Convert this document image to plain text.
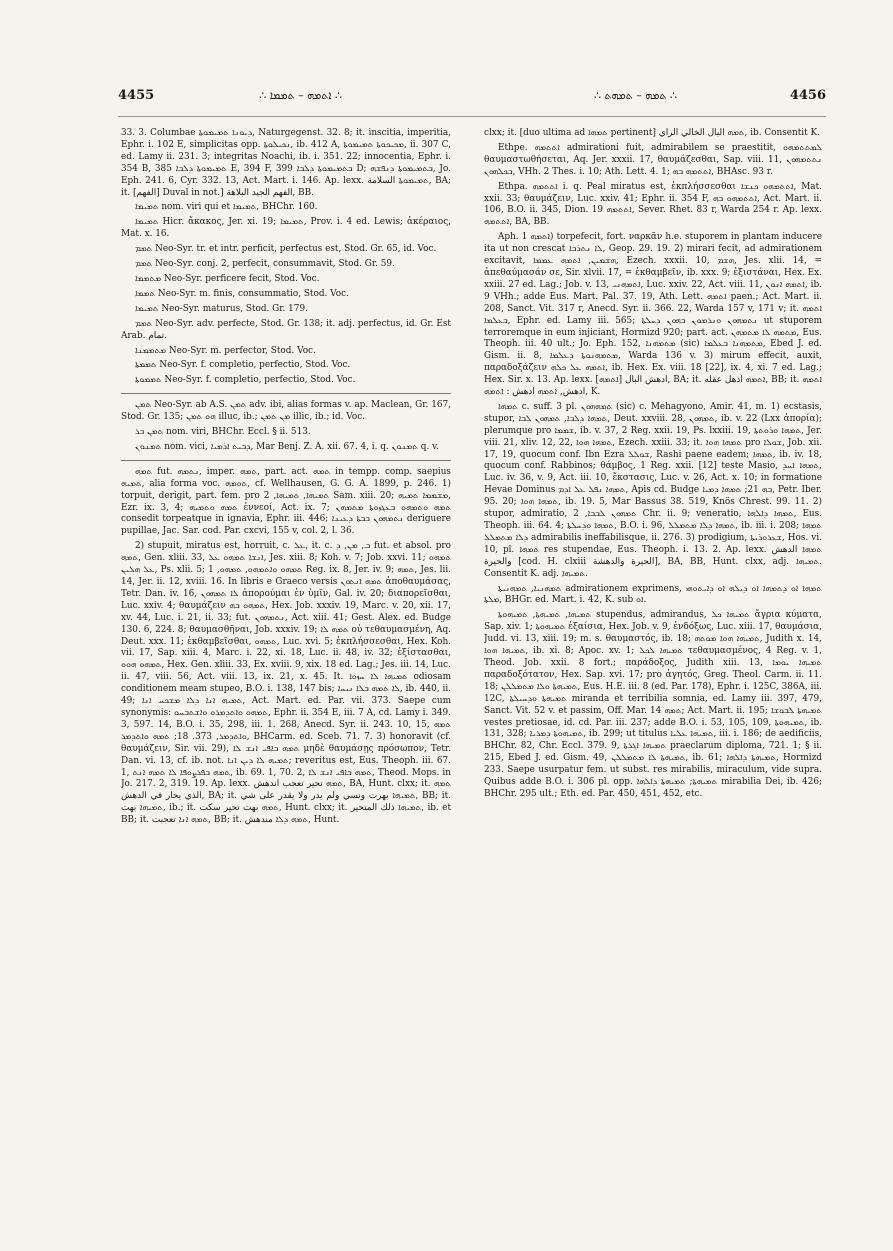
4455	∴ ܐܬܡܗ – ܬܡܡܐ ∴	∴ ܬܡܗ – ܬܡܗܬ ∴	4456

33. 3. Columbae ܕܝܘܢܐ ܬܡܝܡܘܬܐ, Naturgegenst. 32. 8; it. inscitia, imperitia, Ephr. i. 102 E, simplicitas opp. ܢܟܝܠܘܬܐ, ib. 412 A, ܡܟܝܟܘܬܐ ܬܡܝܡܘܬܐ, ii. 307 C, ed. Lamy ii. 231. 3; integritas Noachi, ib. i. 351. 22; innocentia, Ephr. i. 354 B, ܬܡܝܡܘܬܐ ܕܠܒܐ 385 E, 394 F, ܒܬܡܝܡܘܬܐ ܕܠܒܐ 399 D; ܒܬܡܝܡܘܬܐ ܕܢܦܫܗ, Jo. Eph. 241. 6, Cyr. 332. 13, Act. Mart. i. 146. Ap. lexx. ܬܡܝܡܘܬܐ السلامة, BA; it. [الفهم] Duval in not.] الفهم الجيد البلاهة, BB.

ܬܡܝܡܐ nom. viri qui et ܬܡܝܡܐ, BHChr. 160.

ܬܡܝܡܐ Hicr. ἄκακος, Jer. xi. 19; ܬܡܝܡܐ, Prov. i. 4 ed. Lewis; ἀκέραιος, Mat. x. 16.

ܬܡܡ Neo-Syr. tr. et intr. perficit, perfectus est, Stod. Gr. 65, id. Voc.

ܬܡܡ Neo-Syr. conj. 2, perfecit, consummavit, Stod. Gr. 59.

ܡܬܡܡܐ Neo-Syr. perficere fecit, Stod. Voc.

ܬܡܡܐ Neo-Syr. m. finis, consummatio, Stod. Voc.

ܬܡܝܡܐ Neo-Syr. maturus, Stod. Gr. 179.

ܬܡܡ Neo-Syr. adv. perfecte, Stod. Gr. 138; it. adj. perfectus, id. Gr. Est Arab. تمام.

ܡܬܡܡܢܐ Neo-Syr. m. perfector, Stod. Voc.

ܬܡܡܬܐ Neo-Syr. f. completio, perfectio, Stod. Voc.

ܬܡܡܘܬܐ Neo-Syr. f. completio, perfectio, Stod. Voc.

ܬܡܢ Neo-Syr. ab A.S. ܬܡܢ adv. ibi, alias formas v. ap. Maclean, Gr. 167, Stod. Gr. 135; ܗܘ ܬܡܢ illuc, ib.; ܡܢ ܬܡܢ illic, ib.; id. Voc.

ܬܡܢ ܒܪ nom. viri, BHChr. Eccl. § ii. 513.

ܬܡܢܘܢ nom. vici, ܕܒܝܬ ܐܪܡܝܐ, Mar Benj. Z. A. xii. 67. 4, i. q. ܬܡܢܘܢ q. v.

ܬܡܗ fut. ܢܬܡܗ, imper. ܬܡܗ, part. act. ܬܡܗ in tempp. comp. saepius ܬܡܝܗ, alia forma voc. ܬܘܡܗ, cf. Wellhausen, G. G. A. 1899, p. 246. 1) torpuit, derigit, part. fem. pro ܬܡܝܗܐ, ܬܡܝܗܐ, 2 Sam. xiii. 20; ܡܫܡܡܐ ܬܡܝܗ, Ezr. ix. 3, 4; ܬܡܗ ܘܬܡܝܗ ἐννεοί, Act. ix. 7; ܬܡܗ ܘܬܡܗܘ ܒܥܓܙܘܬܐ ܡܬܡܗܢ consedit torpeatque in ignavia, Ephr. iii. 446; ܢܬܡܗܘܢ ܒܒܬܐ ܕܥܝܢܐ deriguere pupillae, Jac. Sar. cod. Par. cxcvi, 155 v, col. 2, l. 36.

2) stupuit, miratus est, horruit, c. ܥܠ, it. c. ܒ, ܡܢ, ܕ fut. et absol. pro ܬܡܗ, Gen. xliii. 33, ܐܢܫܐ ܬܡܗܘ ܥܠ, Jes. xiii. 8; Koh. v. 7; Job. xxvi. 11; ܬܡܗܘ ܥܠ ܗܠܝܢ, Ps. xlii. 5; ܬܡܗܘ ܘܐܬܡܗܘ, ܬܡܗܘ, 1 Reg. ix. 8, Jer. iv. 9; ܬܡܗ, Jes. lii. 14, Jer. ii. 12, xviii. 16. In libris e Graeco versis ܬܡܗ ܐܢܬܘܢ ἀποθαυμάσας, Tetr. Dan. iv. 16, ܠܐ ܬܡܗܘܢ ἀπορούμαι ἐν ὑμῖν, Gal. iv. 20; διαπορεῖσθαι, Luc. xxiv. 4; θαυμάζειν ܬܡܗܘ ܒܗ, Hex. Job. xxxiv. 19, Marc. v. 20, xii. 17, xv. 44, Luc. i. 21, ii. 33; fut. ܢܬܡܗܘܢ, Act. xiii. 41; Gest. Alex. ed. Budge 130. 6, 224. 8; θαυμασθῆναι, Job. xxxiv. 19; ܬܡܗ ܠܐ οὐ τεθαυμασμένη, Aq. Deut. xxx. 11; ἐκθαμβεῖσθαι, ܬܡܗܘ, Luc. xvi. 5; ἐκπλήσσεσθαι, Hex. Koh. vii. 17, Sap. xiii. 4, Marc. i. 22, xi. 18, Luc. ii. 48, iv. 32; ἐξίστασθαι, ܬܡܗܘ ܗܘܘ, Hex. Gen. xliii. 33, Ex. xviii. 9, xix. 18 ed. Lag.; Jes. iii. 14, Luc. ii. 47, viii. 56, Act. viii. 13, ix. 21, x. 45. It. ܬܡܝܗܐ ܠܐ ܚܙܘܐ odiosam conditionem meam stupeo, B.O. i. 138, 147 bis; ܠܐ ܬܡܗ ܒܠܐ ܢܝܚܐ, ib. 440, ii. 49; ܬܡܝܗ ܐܢܐ ܕܠܐ ܡܫܟܚ ܐܢܐ, Act. Mart. ed. Par. vii. 373. Saepe cum synonymis: ܬܡܗܘ ܘܐܬܕܡܪܘ ܘܐܫܬܒܚܘ, Ephr. ii. 354 E, iii. 7 A, cd. Lamy i. 349. 3, 597. 14, B.O. i. 35, 298, iii. 1. 268, Anecd. Syr. ii. 243. 10, 15, ܬܡܗ ܘܐܬܕܡܪ, 373. 18; ܬܡܗ ܘܐܬܕܡܪ, BHCarm. ed. Sceb. 71. 7. 3) honoravit (cf. θαυμάζειν, Sir. vii. 29), ܬܡܗ ܒܐܦܝ ܐܢܫ ܠܐ μηδὲ θαυμάσῃς πρόσωπον, Tetr. Dan. vi. 13, cf. ib. not. ܬܡܝܗ ܠܐ ܕܝܢ ܐܢܐ; reveritus est, Eus. Theoph. iii. 67. 1, ܬܡܗ ܒܦܪܨܘܦܐ ܠܐ ܬܡܗ ܐܢܬ, ib. 69. 1, 70. 2, ܬܡܗ ܒܐܦܝ ܐܢܫ ܠܐ, Theod. Mops. in Jo. 217. 2, 319. 19. Ap. lexx. ܬܡܗ تحير تعجب اندهش, BA, Hunt. clxx; it. ܬܡܗ الذي يحار في الدهش, BA; it. ܬܡܝܗܐ بهرت ونسي ولم يدر ولا يقدر على شي, BB; it. ܬܡܝܗܐ بهت, ib.; it. ܬܡܗ بهت تحير سكت, Hunt. clxx; it. ܬܡܝܗܐ ذلك المتحير, ib. et BB; it. ܬܡܗ ܐܢܐ تعجبت, BB; it. ܬܡܗ ܕܠܐ مندهش, Hunt.

clxx; it. [duo ultima ad ܬܡܗܐ pertinent] ܬܡܗ البال الخالي الرأي, ib. Consentit K.

Ethpe. ܐܬܬܡܗ admirationi fuit, admirabilem se praestitit, ܠܡܬܬܡܗܘ θαυμαστωθήσεται, Aq. Jer. xxxii. 17, θαυμάζεσθαι, Sap. viii. 11, ܢܬܬܡܗܘܢ ܒܟܠܗܘܢ, VHh. 2 Thes. i. 10; Ath. Lett. 4. 1; ܐܬܬܡܗ ܒܗ, BHAsc. 93 r.

Ethpa. ܐܬܬܡܗ i. q. Peal miratus est, ἐκπλήσσεσθαι ܐܬܬܡܗܘ ܟܢܫܐ, Mat. xxii. 33; θαυμάζειν, Luc. xxiv. 41; Ephr. ii. 354 F, ܐܬܬܡܗܘ ܒܗ, Act. Mart. ii. 106, B.O. ii. 345, Dion. ܐܬܬܡܗ 19, Sever. Rhet. 83 r, Warda 254 r. Ap. lexx. ܐܬܬܡܗ, BA, BB.

Aph. ܐܬܡܗ 1) torpefecit, fort. ναρκᾶν h.e. stuporem in plantam inducere ita ut non crescat ܠܐ ܢܬܪܒܐ, Geop. 29. 19. 2) mirari fecit, ad admirationem excitavit, ܗܫܡܝܢ, ܐܬܡܗ ܥܡܡܐ, Ezech. xxxii. 10, ܗܫܡ, Jes. xlii. 14, = ἀπεθαύμασάν σε, Sir. xlvii. 17, = ἐκθαμβεῖν, ib. xxx. 9; ἐξιστάναι, Hex. Ex. xxiii. 27 ed. Lag.; Job. v. 13, ܐܬܡܗܢܝ, Luc. xxiv. 22, Act. viii. 11, ܐܬܡܗ ܐܢܘܢ, ib. 9 VHh.; adde Eus. Mart. Pal. 37. 19, Ath. Lett. ܐܬܡܗ paen.; Act. Mart. ii. 208, Sanct. Vit. 317 r, Anecd. Syr. ii. 366. 22, Warda 157 v, 171 v; it. ܐܬܡܗ ܒܥܠܡܐ, Ephr. ed. Lamy iii. 565; ܢܬܡܗܘܢ ܘܢܪܡܘܢ ܒܗܘܢ ܕܚܠܬܐ ut stuporem terroremque in eum injiciant, Hormizd 920; part. act. ܡܬܡܗ ܠܐ ܡܬܡܗܢ, Eus. Theoph. iii. 40 ult.; Jo. Eph. 152, ܡܬܡܗܢܐ (sic) ܡܬܡܗܢܐ ܒܥܠܡܐ, Ebed J. ed. Gism. ii. 8, ܡܬܡܗܢܘܬܐ ܕܥܠܡܐ, Warda 136 v. 3) mirum effecit, auxit, παραδοξάζειν ܐܬܡܗ ܥܠ ܟܠܗ, ib. Hex. Ex. viii. 18 [22], ix. 4, xi. 7 ed. Lag.; Hex. Sir. x. 13. Ap. lexx. [ܐܬܡܗ] ادهش البال, BA; it. ܐܬܡܗ اذهل عقله, BB; it. ܐܬܡܗ ادهش, ܐܬܡܗ ادهش : ܐܬܡܗ, K.

ܬܡܗܐ c. suff. 3 pl. ܬܡܗܗܘܢ (sic) c. Mehagyono, Amir. 41, m. 1) ecstasis, stupor, ܬܡܗܐ ܕܠܒܐ, ܬܡܗܘܢ ܠܒܐ, Deut. xxviii. 28, ܬܡܗܘܢ, ib. v. 22 (Lxx ἀπορία); plerumque pro ܫܡܡܐ, ib. v. 37, 2 Reg. xxii. 19, Ps. lxxiii. 19, ܬܡܗܐ ܘܪܘܬܬܐ, Jer. viii. 21, xliv. 12, 22, ܬܡܗܐ ܗܘܐ, Ezech. xxiii. 33; it. ܬܡܗܐ ܗܘܐ pro ܫܘܠܐ, Job. xii. 17, 19, quocum conf. Ibn Ezra ܫܘܠܠ, Rashi paene eadem; ܬܡܗܐ, ib. iv. 18, quocum conf. Rabbinos; θάμβος, 1 Reg. xxii. [12] teste Masio, ܬܡܗܐ ܐܚܕ, Luc. iv. 36, v. 9, Act. iii. 10, ἔκστασις, Luc. v. 26, Act. x. 10; in formatione Hevae Dominus ܬܡܗܐ ܢܦܠ ܥܠ ܐܕܡ, Apis cd. Budge ܒܗ 21; ܬܡܗܐ ܕܡܝܐ, Petr. Iber. 95. 20; ܬܡܗܐ ܗܘܐ, ib. 19. 5, Mar Bassus 38. 519, Knös Chrest. 99. 11. 2) stupor, admiratio, ܬܡܗܘܢ ܠܒܒܐ, 2 Chr. ii. 9; veneratio, ܬܡܗܐ ܕܐܠܗܐ, Eus. Theoph. iii. 64. 4; ܬܡܗܐ ܘܕܚܠܬܐ, B.O. i. 96, ܬܡܗܐ ܕܠܐ ܡܬܡܠܠ, ib. iii. i. 208; ܬܡܗܐ ܕܠܐ ܡܬܡܠܠ admirabilis ineffabilisque, ii. 276. 3) prodigium, ܫܥܪܘܪܝܬܐ, Hos. vi. 10, pl. ܬܡܗܐ res stupendae, Eus. Theoph. i. 13. 2. Ap. lexx. ܬܡܗܐ الدهش والحيرة [cod. H. clxiii الحيرة والدهشة], BA, BB, Hunt. clxx, adj. ܬܡܝܗܐ. Consentit K. adj. ܬܡܝܗܐ.

ܬܡܗܢܝܐ, ܬܡܗܢܝܬܐ admirationem exprimens, ܬܡܗܐ ܐܘ ܕܬܡܗܐ ܐܘ ܕܝܠܗ ܐܘ ܕܐܝܬܘܗܝ ܡܠܬܐ, BHGr. ed. Mart. i. 42, K. sub ܐܘ.

ܬܡܝܗܐ, ܬܡܝܗܬܐ, ܬܡܝܗܘܬܐ stupendus, admirandus, ܬܡܝܗܐ ܟܠ ἄγρια κύματα, Sap. xiv. 1; ܬܡܝܗܘܬܐ ἐξαίσια, Hex. Job. v. 9, ἐνδόξως, Luc. xiii. 17, θαυμάσια, Judd. vi. 13, xiii. 19; m. s. θαυμαστός, ib. 18; ܬܡܝܗܐ ܗܘܐ ܡܘܬܗ, Judith x. 14, ܬܡܝܗܐ ܗܘܐ, ib. xi. 8; Apoc. xv. 1; ܬܡܝܗܐ ܠܟܠ τεθαυμασμένος, 4 Reg. v. 1, Theod. Job. xxii. 8 fort.; παράδοξος, Judith xiii. 13, ܬܡܝܗܐ ܝܘܡܐ παραδοξότατον, Hex. Sap. xvi. 17; pro ἀγητός, Greg. Theol. Carm. ii. 11. 18; ܬܡܝܗܬܐ ܘܠܐ ܡܬܡܠܠܢ, Eus. H.E. iii. 8 (ed. Par. 178), Ephr. i. 125C, 386A, iii. 12C, ܬܡܝܗܬܐ ܘܕܚܝܠܬܐ miranda et terribilia somnia, ed. Lamy iii. 397, 479, Sanct. Vit. 52 v. et passim, Off. Mar. ܬܡܗ 14; Act. Mart. ii. 195; ܬܡܝܗܬܐ ܠܒܘܫܐ vestes pretiosae, id. cd. Par. iii. 237; adde B.O. i. 53, 105, 109, ܬܡܝܗܘܬܐ, ib. 131, 328; ܬܡܝܗܘܬܐ ܕܡܪܝܐ, ib. 299; ut titulus ܬܡܝܗܐ ܥܠܝܐ, iii. i. 186; de aedificiis, BHChr. 82, Chr. Eccl. 379. 9, ܬܡܝܗܐ ܐܓܪܬܐ praeclarum diploma, 721. 1; § ii. 215, Ebed J. ed. Gism. 49, ܬܡܝܗܬܐ ܠܐ ܡܬܡܠܠܢ, ib. 61; ܬܡܝܗܬܐ ܕܐܠܗܐ, Hormizd 233. Saepe usurpatur fem. ut subst. res mirabilis, miraculum, vide supra. Quibus adde B.O. i. 306 pl. opp. ܬܡܝܗܬܐ; ܬܡܝܗܬܐ ܕܐܠܗܐ mirabilia Dei, ib. 426; BHChr. 295 ult.; Eth. ed. Par. 450, 451, 452, etc.
